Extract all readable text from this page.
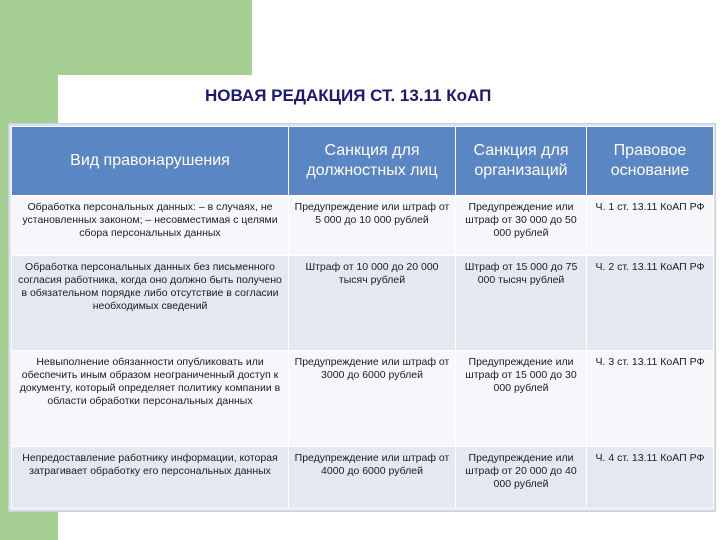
НОВАЯ РЕДАКЦИЯ СТ. 13.11 КоАП
Вид правонарушения	Санкция для должностных лиц	Санкция для организаций	Правовое основание
Обработка персональных данных: – в случаях, не установленных законом; – несовместимая с целями сбора персональных данных	Предупреждение или штраф от 5 000 до 10 000 рублей	Предупреждение или штраф от 30 000 до 50 000 рублей	Ч. 1 ст. 13.11 КоАП РФ
Обработка персональных данных без письменного согласия работника, когда оно должно быть получено в обязательном порядке либо отсутствие в согласии необходимых сведений	Штраф от 10 000 до 20 000 тысяч рублей	Штраф от 15 000 до 75 000 тысяч рублей	Ч. 2 ст. 13.11 КоАП РФ
Невыполнение обязанности опубликовать или обеспечить иным образом неограниченный доступ к документу, который определяет политику компании в области обработки персональных данных	Предупреждение или штраф от 3000 до 6000 рублей	Предупреждение или штраф от 15 000 до 30 000 рублей	Ч. 3 ст. 13.11 КоАП РФ
Непредоставление работнику информации, которая затрагивает обработку его персональных данных	Предупреждение или штраф от 4000 до 6000 рублей	Предупреждение или штраф от 20 000 до 40 000 рублей	Ч. 4 ст. 13.11 КоАП РФ
